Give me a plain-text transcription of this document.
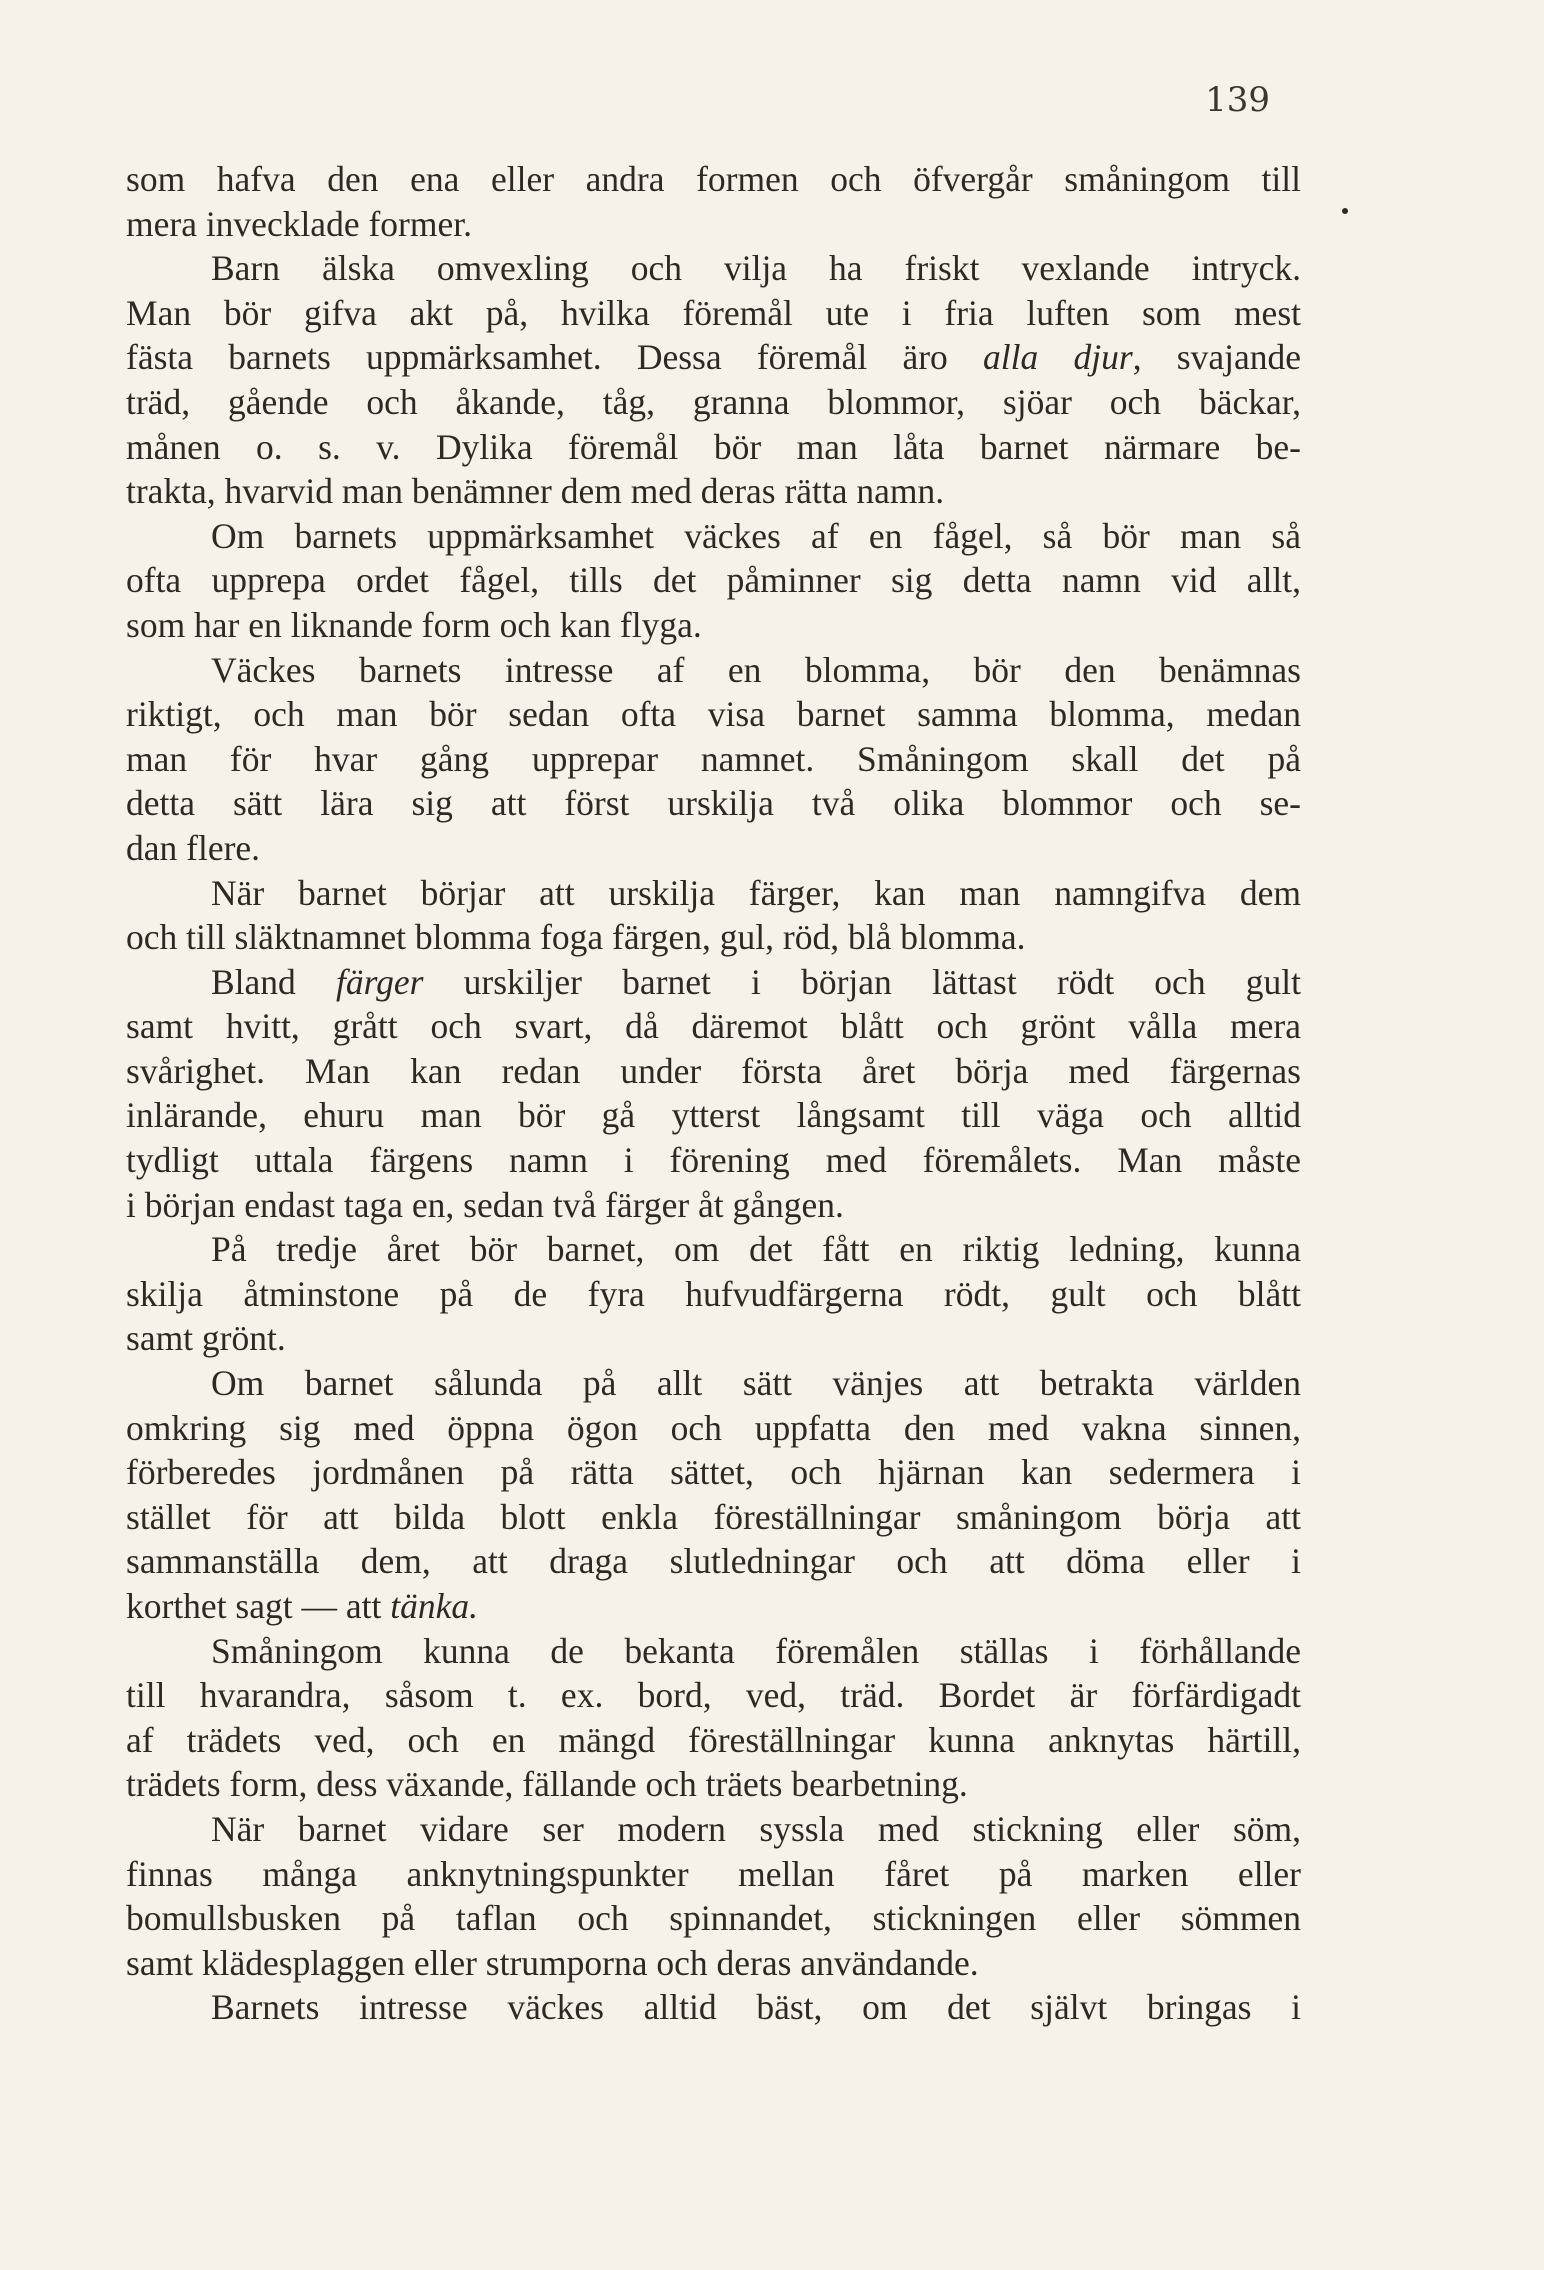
139
som hafva den ena eller andra formen och öfvergår småningom till
mera invecklade former.
Barn älska omvexling och vilja ha friskt vexlande intryck.
Man bör gifva akt på, hvilka föremål ute i fria luften som mest
fästa barnets uppmärksamhet. Dessa föremål äro alla djur, svajande
träd, gående och åkande, tåg, granna blommor, sjöar och bäckar,
månen o. s. v. Dylika föremål bör man låta barnet närmare be-
trakta, hvarvid man benämner dem med deras rätta namn.
Om barnets uppmärksamhet väckes af en fågel, så bör man så
ofta upprepa ordet fågel, tills det påminner sig detta namn vid allt,
som har en liknande form och kan flyga.
Väckes barnets intresse af en blomma, bör den benämnas
riktigt, och man bör sedan ofta visa barnet samma blomma, medan
man för hvar gång upprepar namnet. Småningom skall det på
detta sätt lära sig att först urskilja två olika blommor och se-
dan flere.
När barnet börjar att urskilja färger, kan man namngifva dem
och till släktnamnet blomma foga färgen, gul, röd, blå blomma.
Bland färger urskiljer barnet i början lättast rödt och gult
samt hvitt, grått och svart, då däremot blått och grönt vålla mera
svårighet. Man kan redan under första året börja med färgernas
inlärande, ehuru man bör gå ytterst långsamt till väga och alltid
tydligt uttala färgens namn i förening med föremålets. Man måste
i början endast taga en, sedan två färger åt gången.
På tredje året bör barnet, om det fått en riktig ledning, kunna
skilja åtminstone på de fyra hufvudfärgerna rödt, gult och blått
samt grönt.
Om barnet sålunda på allt sätt vänjes att betrakta världen
omkring sig med öppna ögon och uppfatta den med vakna sinnen,
förberedes jordmånen på rätta sättet, och hjärnan kan sedermera i
stället för att bilda blott enkla föreställningar småningom börja att
sammanställa dem, att draga slutledningar och att döma eller i
korthet sagt — att tänka.
Småningom kunna de bekanta föremålen ställas i förhållande
till hvarandra, såsom t. ex. bord, ved, träd. Bordet är förfärdigadt
af trädets ved, och en mängd föreställningar kunna anknytas härtill,
trädets form, dess växande, fällande och träets bearbetning.
När barnet vidare ser modern syssla med stickning eller söm,
finnas många anknytningspunkter mellan fåret på marken eller
bomullsbusken på taflan och spinnandet, stickningen eller sömmen
samt klädesplaggen eller strumporna och deras användande.
Barnets intresse väckes alltid bäst, om det självt bringas i
